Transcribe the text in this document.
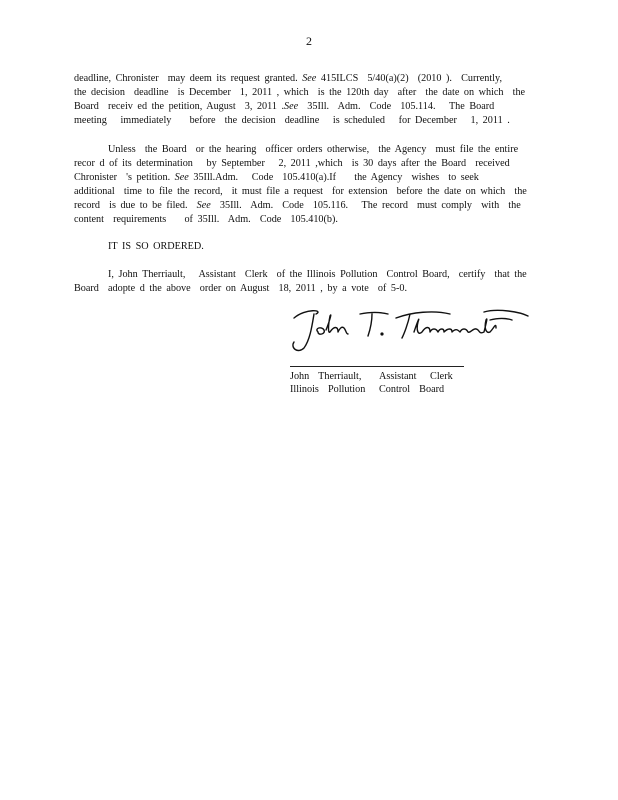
2
deadline, Chronister  may deem its request granted. See 415ILCS  5/40(a)(2)  (2010 ).  Currently,
the decision  deadline  is December  1, 2011 , which  is the 120th day  after  the date on which  the
Board  receiv ed the petition, August  3, 2011 .See  35Ill.  Adm.  Code  105.114.   The Board
meeting   immediately    before  the decision  deadline   is scheduled   for December   1, 2011 .
Unless  the Board  or the hearing  officer orders otherwise,  the Agency  must file the entire
recor d of its determination   by September   2, 2011 ,which  is 30 days after the Board  received
Chronister  's petition. See 35Ill.Adm.   Code  105.410(a).If    the Agency  wishes  to seek
additional  time to file the record,  it must file a request  for extension  before the date on which  the
record  is due to be filed.  See  35Ill.  Adm.  Code  105.116.   The record  must comply  with  the
content  requirements    of 35Ill.  Adm.  Code  105.410(b).
IT IS SO ORDERED.
I, John Therriault,   Assistant  Clerk  of the Illinois Pollution  Control Board,  certify  that the
Board  adopte d the above  order on August  18, 2011 , by a vote  of 5-0.
John  Therriault,    Assistant   Clerk
Illinois  Pollution   Control  Board
